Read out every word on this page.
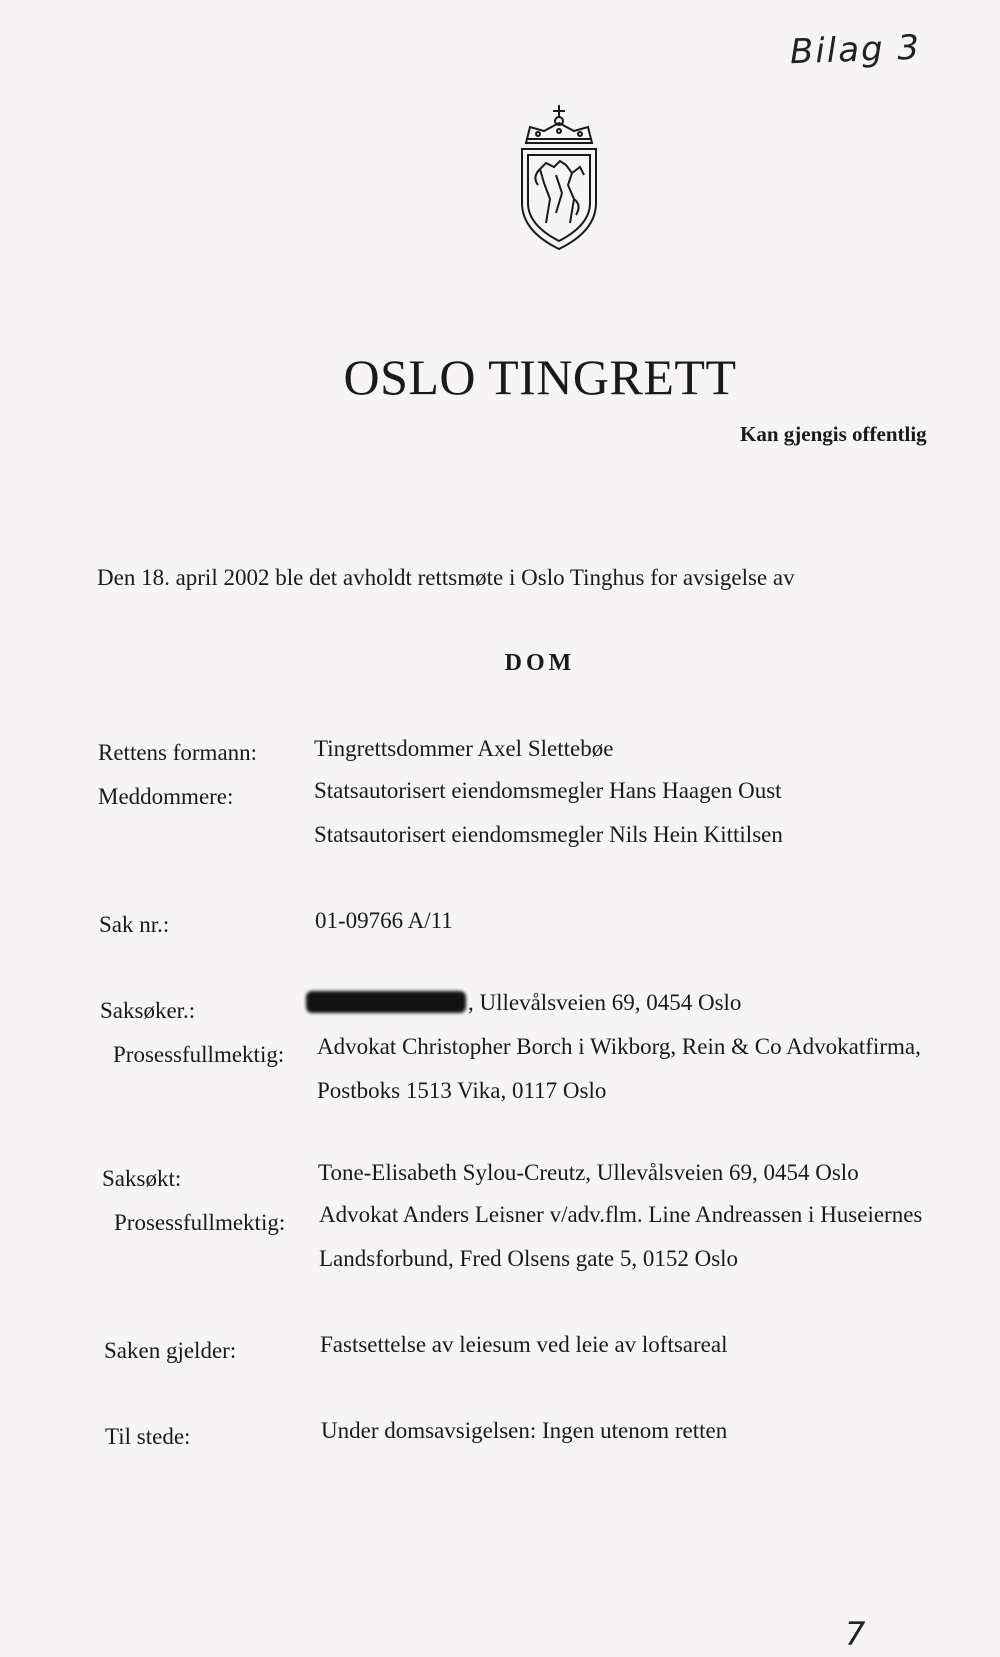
Bilag 3
OSLO TINGRETT
Kan gjengis offentlig
Den 18. april 2002 ble det avholdt rettsmøte i Oslo Tinghus for avsigelse av
DOM
Rettens formann: Tingrettsdommer Axel Slettebøe
Meddommere:	Statsautorisert eiendomsmegler Hans Haagen Oust
Statsautorisert eiendomsmegler Nils Hein Kittilsen
Sak nr.:	01-09766 A/11
Saksøker.:	, Ullevålsveien 69, 0454 Oslo
Prosessfullmektig: Advokat Christopher Borch i Wikborg, Rein & Co Advokatfirma,
Postboks 1513 Vika, 0117 Oslo
Saksøkt:	Tone-Elisabeth Sylou-Creutz, Ullevålsveien 69, 0454 Oslo
Prosessfullmektig: Advokat Anders Leisner v/adv.flm. Line Andreassen i Huseiernes
Landsforbund, Fred Olsens gate 5, 0152 Oslo
Saken gjelder:	Fastsettelse av leiesum ved leie av loftsareal
Til stede:	Under domsavsigelsen: Ingen utenom retten
7
